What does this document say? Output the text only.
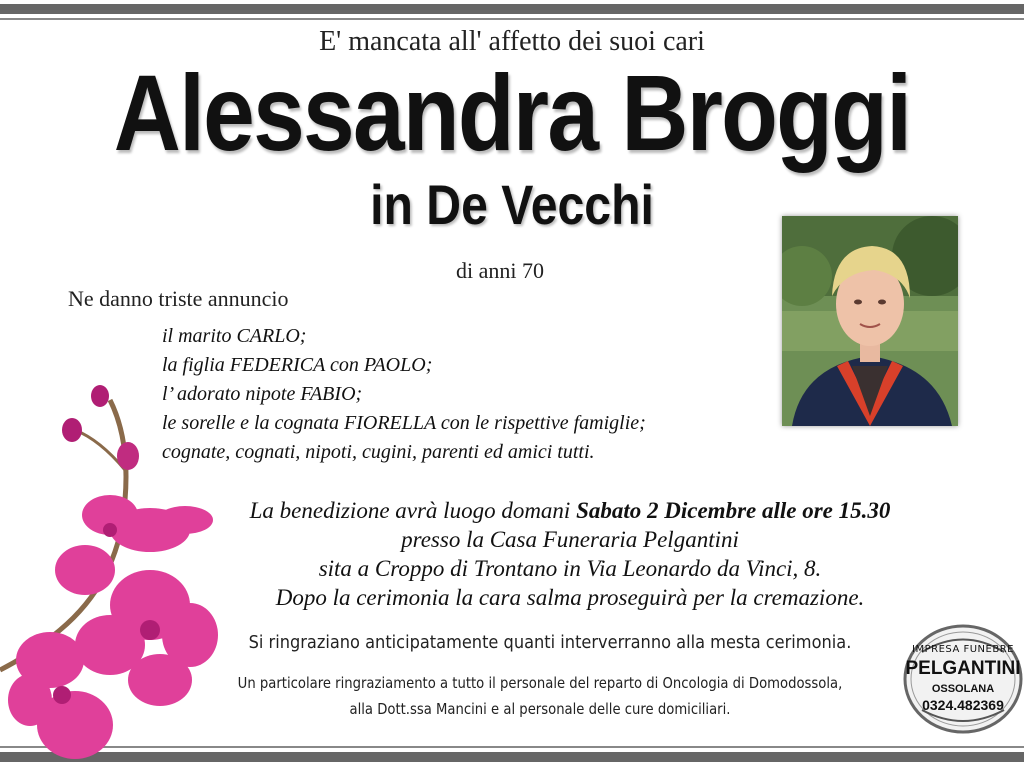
E' mancata all' affetto dei suoi cari
Alessandra Broggi
in De Vecchi
di anni 70
Ne danno triste annuncio
il marito CARLO;
la figlia FEDERICA con PAOLO;
l’ adorato nipote FABIO;
le sorelle e la cognata FIORELLA con le rispettive famiglie;
cognate, cognati, nipoti, cugini, parenti ed amici tutti.
La benedizione avrà luogo domani Sabato 2 Dicembre alle ore 15.30
presso la Casa Funeraria Pelgantini
sita a Croppo di Trontano in Via Leonardo da Vinci, 8.
Dopo la cerimonia la cara salma proseguirà per la cremazione.
Si ringraziano anticipatamente quanti interverranno alla mesta cerimonia.
Un particolare ringraziamento a tutto il personale del reparto di Oncologia di Domodossola,
alla Dott.ssa Mancini e al personale delle cure domiciliari.
IMPRESA FUNEBRE
PELGANTINI
OSSOLANA
0324.482369
